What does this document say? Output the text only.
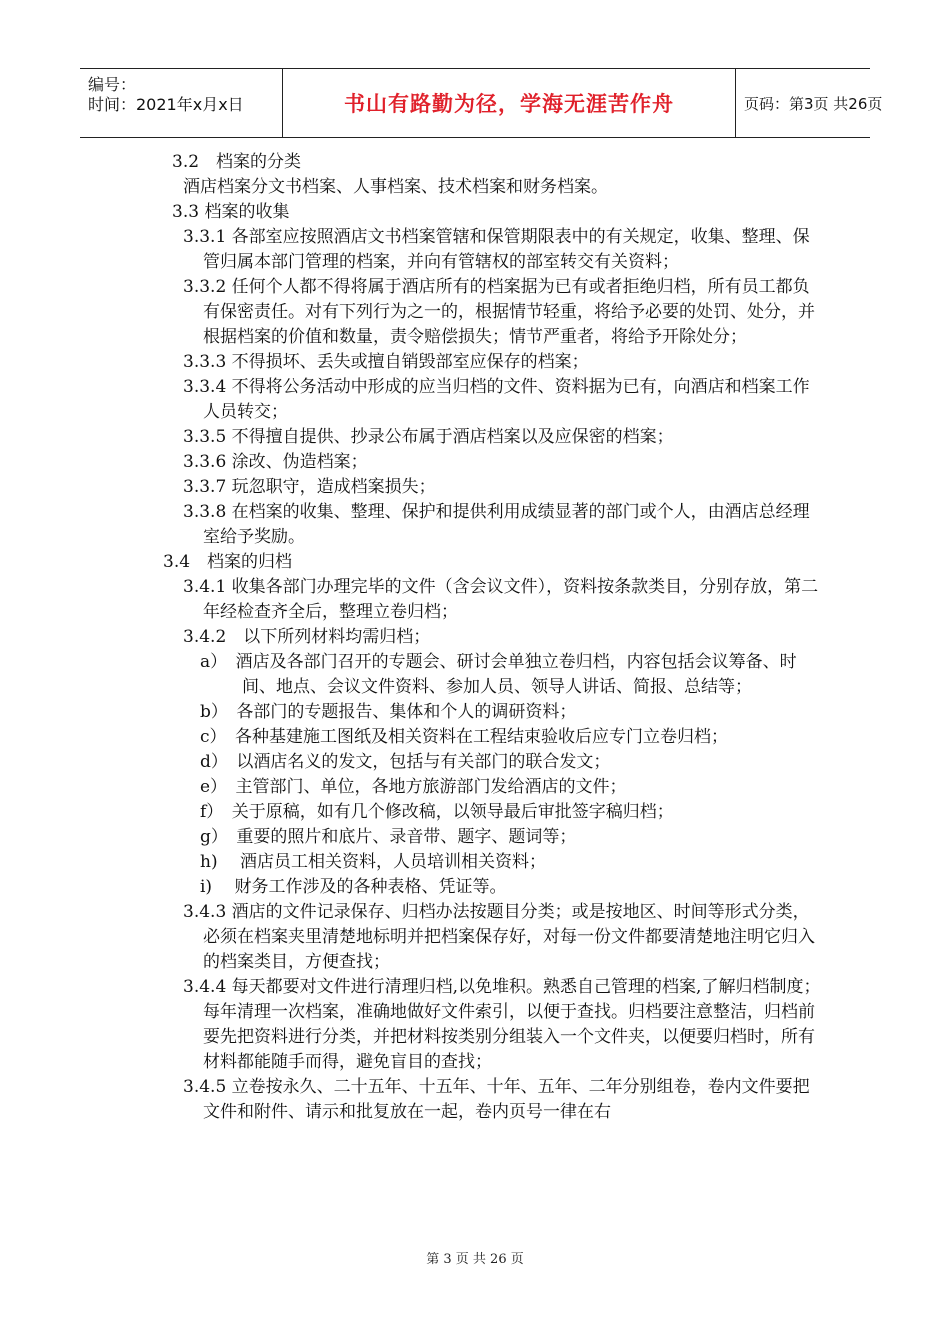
编号：
时间：2021年x月x日	书山有路勤为径，学海无涯苦作舟	页码：第3页 共26页
3.2　档案的分类
酒店档案分文书档案、人事档案、技术档案和财务档案。
3.3 档案的收集
3.3.1 各部室应按照酒店文书档案管辖和保管期限表中的有关规定，收集、整理、保管归属本部门管理的档案，并向有管辖权的部室转交有关资料；
3.3.2 任何个人都不得将属于酒店所有的档案据为已有或者拒绝归档，所有员工都负有保密责任。对有下列行为之一的，根据情节轻重，将给予必要的处罚、处分，并根据档案的价值和数量，责令赔偿损失；情节严重者，将给予开除处分；
3.3.3 不得损坏、丢失或擅自销毁部室应保存的档案；
3.3.4 不得将公务活动中形成的应当归档的文件、资料据为已有，向酒店和档案工作人员转交；
3.3.5 不得擅自提供、抄录公布属于酒店档案以及应保密的档案；
3.3.6 涂改、伪造档案；
3.3.7 玩忽职守，造成档案损失；
3.3.8 在档案的收集、整理、保护和提供利用成绩显著的部门或个人，由酒店总经理室给予奖励。
3.4　档案的归档
3.4.1 收集各部门办理完毕的文件（含会议文件），资料按条款类目，分别存放，第二年经检查齐全后，整理立卷归档；
3.4.2　以下所列材料均需归档；
a）　酒店及各部门召开的专题会、研讨会单独立卷归档，内容包括会议筹备、时间、地点、会议文件资料、参加人员、领导人讲话、简报、总结等；
b）　各部门的专题报告、集体和个人的调研资料；
c）　各种基建施工图纸及相关资料在工程结束验收后应专门立卷归档；
d）　以酒店名义的发文，包括与有关部门的联合发文；
e）　主管部门、单位，各地方旅游部门发给酒店的文件；
f）　关于原稿，如有几个修改稿，以领导最后审批签字稿归档；
g）　重要的照片和底片、录音带、题字、题词等；
h)　 酒店员工相关资料，人员培训相关资料；
i)　 财务工作涉及的各种表格、凭证等。
3.4.3 酒店的文件记录保存、归档办法按题目分类；或是按地区、时间等形式分类，必须在档案夹里清楚地标明并把档案保存好，对每一份文件都要清楚地注明它归入的档案类目，方便查找；
3.4.4 每天都要对文件进行清理归档,以免堆积。熟悉自己管理的档案,了解归档制度；每年清理一次档案，准确地做好文件索引，以便于查找。归档要注意整洁，归档前要先把资料进行分类，并把材料按类别分组装入一个文件夹，以便要归档时，所有材料都能随手而得，避免盲目的查找；
3.4.5 立卷按永久、二十五年、十五年、十年、五年、二年分别组卷，卷内文件要把文件和附件、请示和批复放在一起，卷内页号一律在右
第 3 页 共 26 页
